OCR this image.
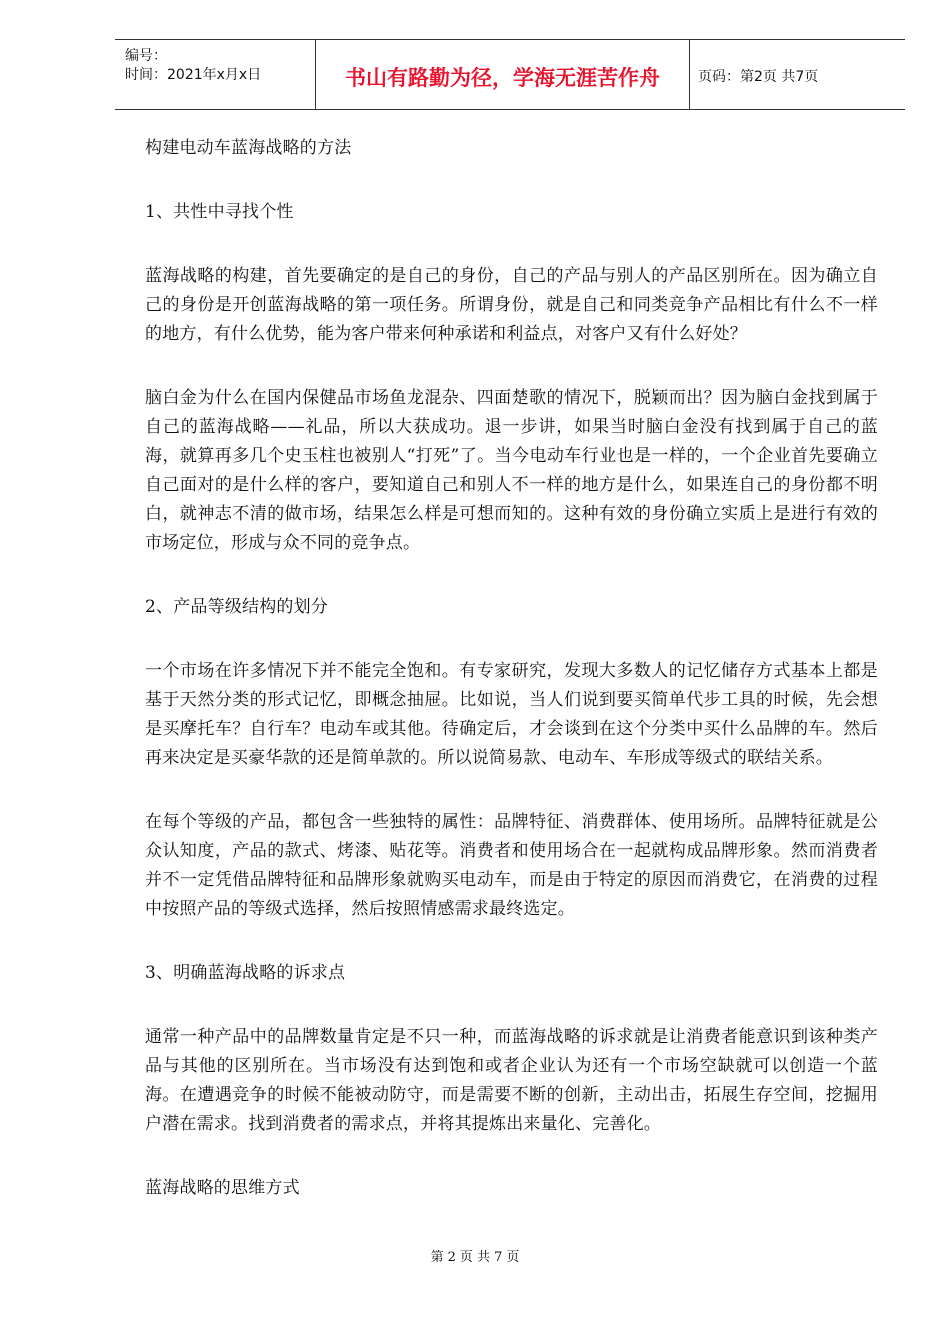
编号：
时间：2021年x月x日	书山有路勤为径，学海无涯苦作舟	页码：第2页 共7页

构建电动车蓝海战略的方法

1、共性中寻找个性

蓝海战略的构建，首先要确定的是自己的身份，自己的产品与别人的产品区别所在。因为确立自己的身份是开创蓝海战略的第一项任务。所谓身份，就是自己和同类竞争产品相比有什么不一样的地方，有什么优势，能为客户带来何种承诺和利益点，对客户又有什么好处？

脑白金为什么在国内保健品市场鱼龙混杂、四面楚歌的情况下，脱颖而出？因为脑白金找到属于自己的蓝海战略——礼品，所以大获成功。退一步讲，如果当时脑白金没有找到属于自己的蓝海，就算再多几个史玉柱也被别人“打死”了。当今电动车行业也是一样的，一个企业首先要确立自己面对的是什么样的客户，要知道自己和别人不一样的地方是什么，如果连自己的身份都不明白，就神志不清的做市场，结果怎么样是可想而知的。这种有效的身份确立实质上是进行有效的市场定位，形成与众不同的竞争点。

2、产品等级结构的划分

一个市场在许多情况下并不能完全饱和。有专家研究，发现大多数人的记忆储存方式基本上都是基于天然分类的形式记忆，即概念抽屉。比如说，当人们说到要买简单代步工具的时候，先会想是买摩托车？自行车？电动车或其他。待确定后，才会谈到在这个分类中买什么品牌的车。然后再来决定是买豪华款的还是简单款的。所以说简易款、电动车、车形成等级式的联结关系。

在每个等级的产品，都包含一些独特的属性：品牌特征、消费群体、使用场所。品牌特征就是公众认知度，产品的款式、烤漆、贴花等。消费者和使用场合在一起就构成品牌形象。然而消费者并不一定凭借品牌特征和品牌形象就购买电动车，而是由于特定的原因而消费它，在消费的过程中按照产品的等级式选择，然后按照情感需求最终选定。

3、明确蓝海战略的诉求点

通常一种产品中的品牌数量肯定是不只一种，而蓝海战略的诉求就是让消费者能意识到该种类产品与其他的区别所在。当市场没有达到饱和或者企业认为还有一个市场空缺就可以创造一个蓝海。在遭遇竞争的时候不能被动防守，而是需要不断的创新，主动出击，拓展生存空间，挖掘用户潜在需求。找到消费者的需求点，并将其提炼出来量化、完善化。

蓝海战略的思维方式

第 2 页 共 7 页
